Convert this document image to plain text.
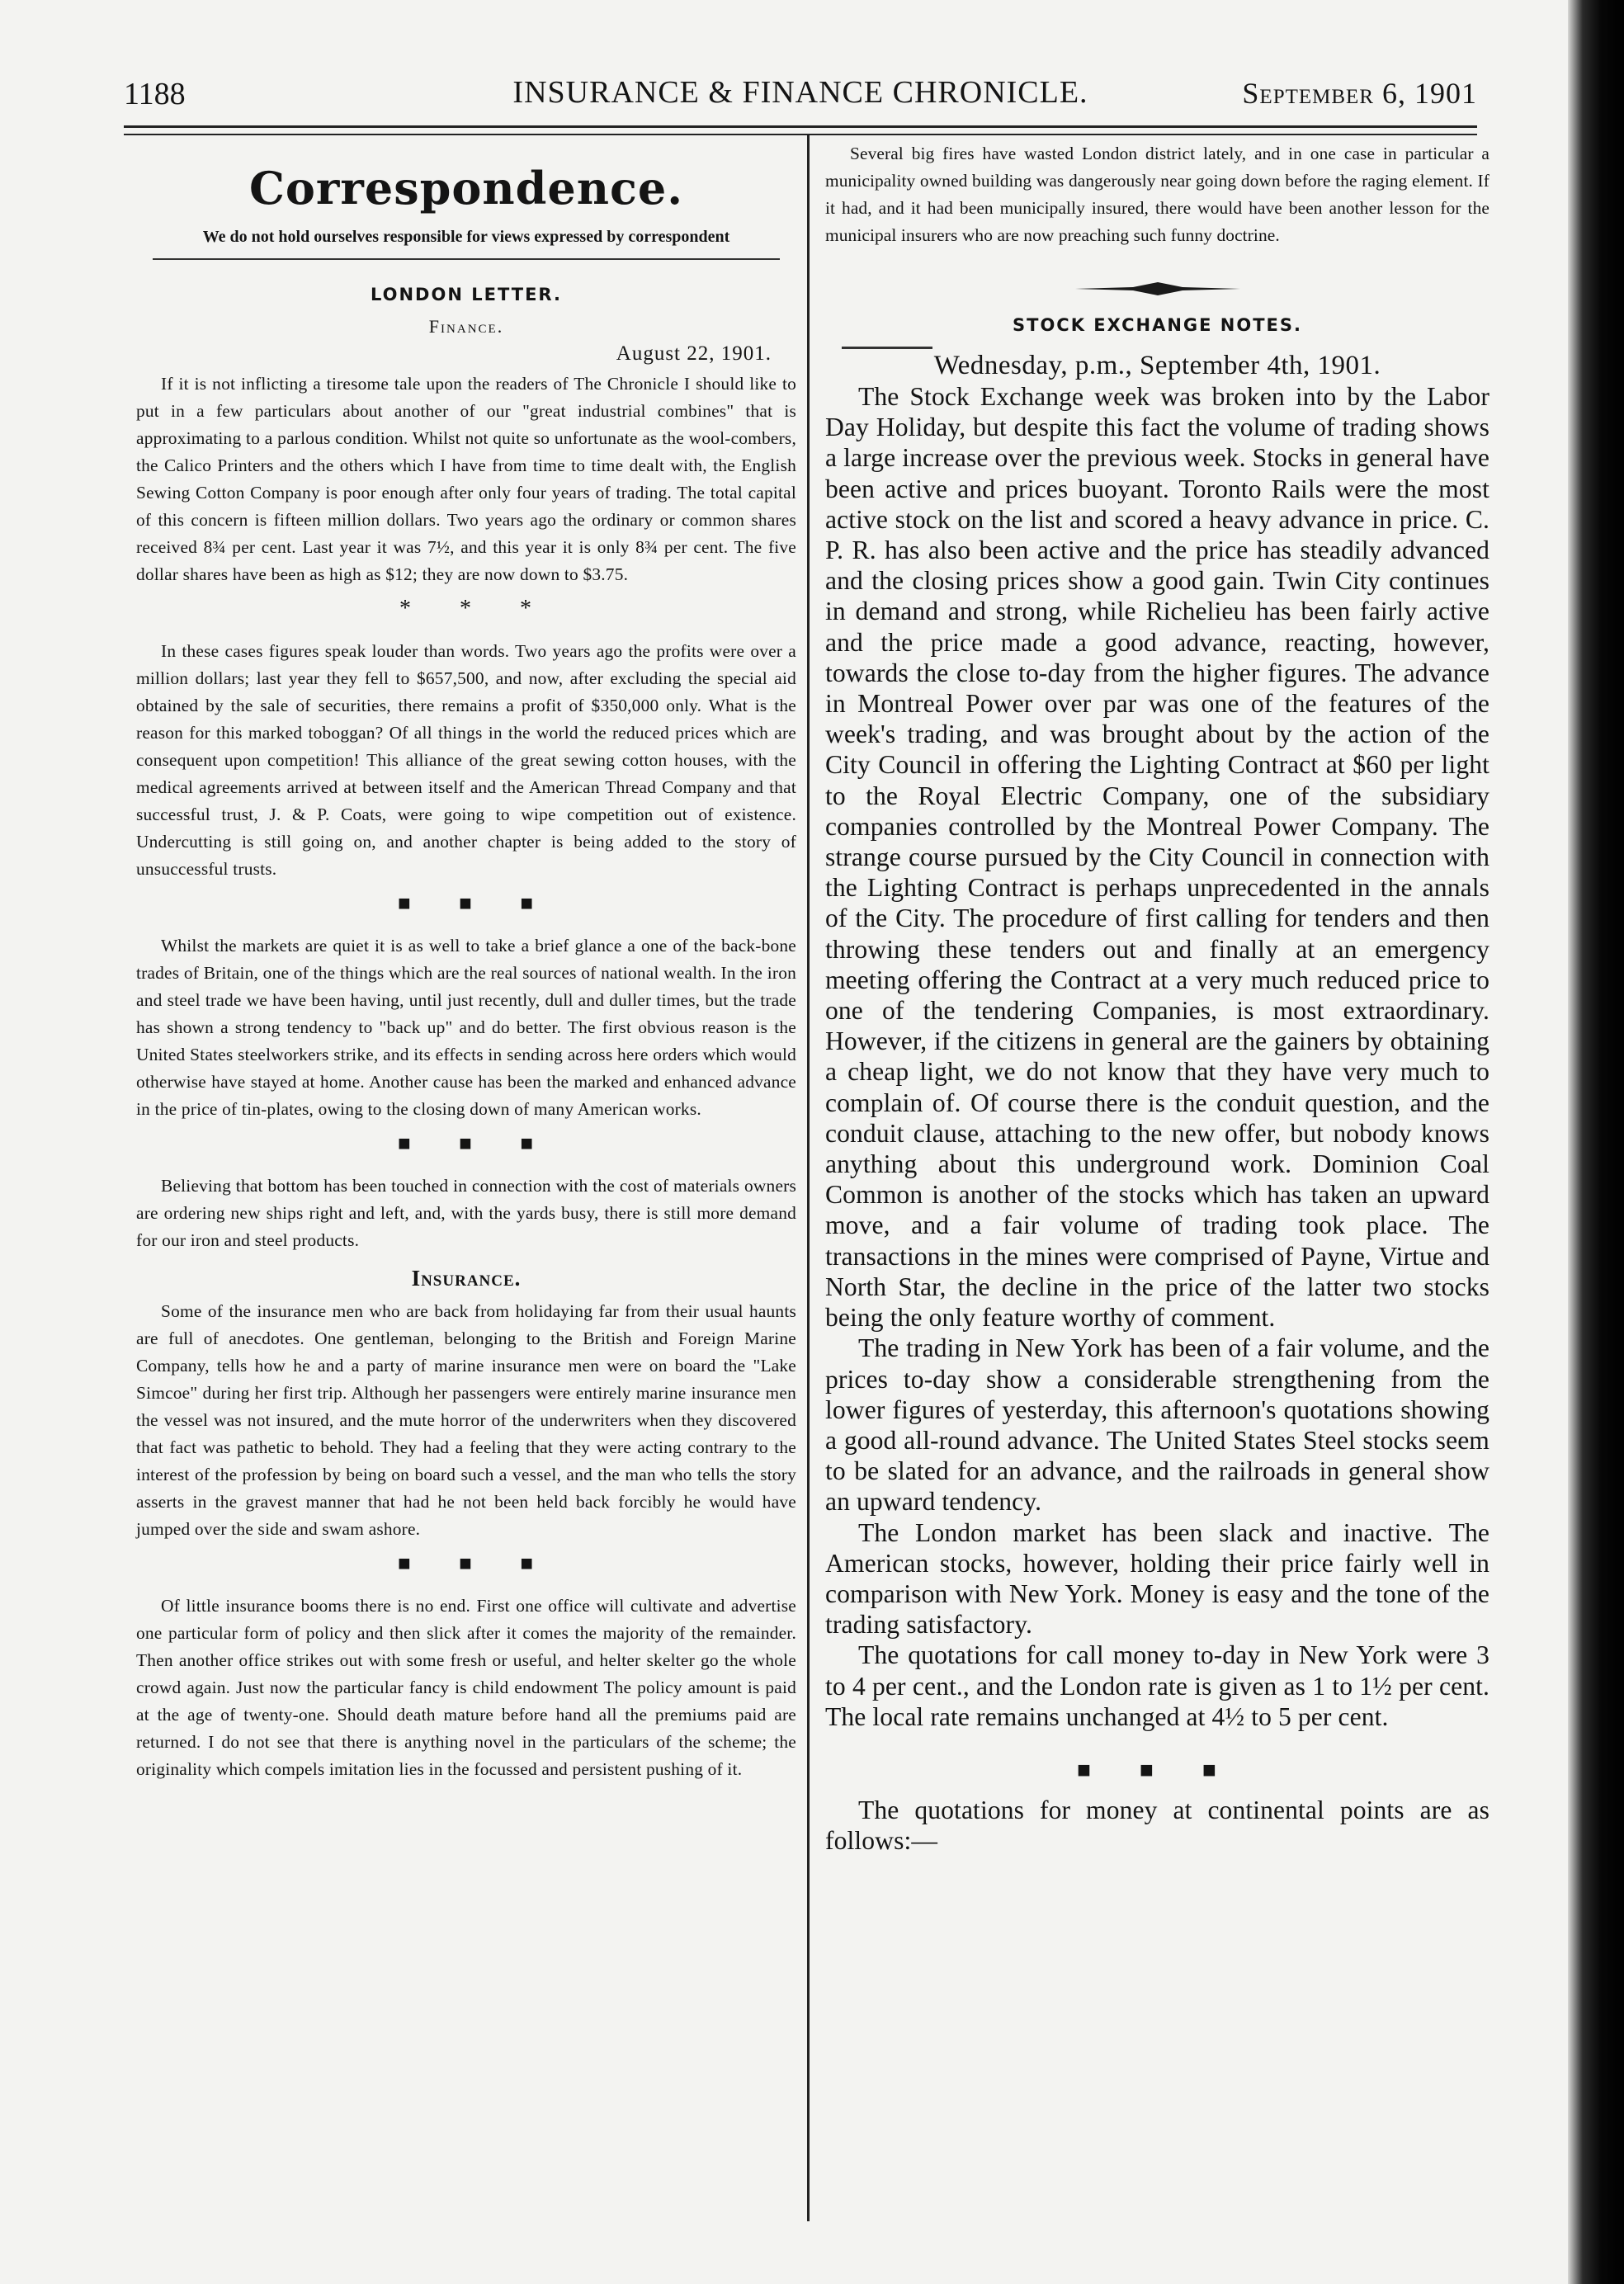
1188	INSURANCE & FINANCE CHRONICLE.	September 6, 1901
Correspondence.
We do not hold ourselves responsible for views expressed by correspondent
LONDON LETTER.
Finance.
August 22, 1901.

If it is not inflicting a tiresome tale upon the readers of The Chronicle I should like to put in a few particulars about another of our "great industrial combines" that is approximating to a parlous condition. Whilst not quite so unfortunate as the wool-combers, the Calico Printers and the others which I have from time to time dealt with, the English Sewing Cotton Company is poor enough after only four years of trading. The total capital of this concern is fifteen million dollars. Two years ago the ordinary or common shares received 8¾ per cent. Last year it was 7½, and this year it is only 8¾ per cent. The five dollar shares have been as high as $12; they are now down to $3.75.

* * *

In these cases figures speak louder than words. Two years ago the profits were over a million dollars; last year they fell to $657,500, and now, after excluding the special aid obtained by the sale of securities, there remains a profit of $350,000 only. What is the reason for this marked toboggan? Of all things in the world the reduced prices which are consequent upon competition! This alliance of the great sewing cotton houses, with the medical agreements arrived at between itself and the American Thread Company and that successful trust, J. & P. Coats, were going to wipe competition out of existence. Undercutting is still going on, and another chapter is being added to the story of unsuccessful trusts.

■ ■ ■

Whilst the markets are quiet it is as well to take a brief glance a one of the back-bone trades of Britain, one of the things which are the real sources of national wealth. In the iron and steel trade we have been having, until just recently, dull and duller times, but the trade has shown a strong tendency to "back up" and do better. The first obvious reason is the United States steelworkers strike, and its effects in sending across here orders which would otherwise have stayed at home. Another cause has been the marked and enhanced advance in the price of tin-plates, owing to the closing down of many American works.

■ ■ ■

Believing that bottom has been touched in connection with the cost of materials owners are ordering new ships right and left, and, with the yards busy, there is still more demand for our iron and steel products.

Insurance.

Some of the insurance men who are back from holidaying far from their usual haunts are full of anecdotes. One gentleman, belonging to the British and Foreign Marine Company, tells how he and a party of marine insurance men were on board the "Lake Simcoe" during her first trip. Although her passengers were entirely marine insurance men the vessel was not insured, and the mute horror of the underwriters when they discovered that fact was pathetic to behold. They had a feeling that they were acting contrary to the interest of the profession by being on board such a vessel, and the man who tells the story asserts in the gravest manner that had he not been held back forcibly he would have jumped over the side and swam ashore.

■ ■ ■

Of little insurance booms there is no end. First one office will cultivate and advertise one particular form of policy and then slick after it comes the majority of the remainder. Then another office strikes out with some fresh or useful, and helter skelter go the whole crowd again. Just now the particular fancy is child endowment The policy amount is paid at the age of twenty-one. Should death mature before hand all the premiums paid are returned. I do not see that there is anything novel in the particulars of the scheme; the originality which compels imitation lies in the focussed and persistent pushing of it.

Several big fires have wasted London district lately, and in one case in particular a municipality owned building was dangerously near going down before the raging element. If it had, and it had been municipally insured, there would have been another lesson for the municipal insurers who are now preaching such funny doctrine.

STOCK EXCHANGE NOTES.
Wednesday, p.m., September 4th, 1901.

The Stock Exchange week was broken into by the Labor Day Holiday, but despite this fact the volume of trading shows a large increase over the previous week. Stocks in general have been active and prices buoyant. Toronto Rails were the most active stock on the list and scored a heavy advance in price. C. P. R. has also been active and the price has steadily advanced and the closing prices show a good gain. Twin City continues in demand and strong, while Richelieu has been fairly active and the price made a good advance, reacting, however, towards the close to-day from the higher figures. The advance in Montreal Power over par was one of the features of the week's trading, and was brought about by the action of the City Council in offering the Lighting Contract at $60 per light to the Royal Electric Company, one of the subsidiary companies controlled by the Montreal Power Company. The strange course pursued by the City Council in connection with the Lighting Contract is perhaps unprecedented in the annals of the City. The procedure of first calling for tenders and then throwing these tenders out and finally at an emergency meeting offering the Contract at a very much reduced price to one of the tendering Companies, is most extraordinary. However, if the citizens in general are the gainers by obtaining a cheap light, we do not know that they have very much to complain of. Of course there is the conduit question, and the conduit clause, attaching to the new offer, but nobody knows anything about this underground work. Dominion Coal Common is another of the stocks which has taken an upward move, and a fair volume of trading took place. The transactions in the mines were comprised of Payne, Virtue and North Star, the decline in the price of the latter two stocks being the only feature worthy of comment.

The trading in New York has been of a fair volume, and the prices to-day show a considerable strengthening from the lower figures of yesterday, this afternoon's quotations showing a good all-round advance. The United States Steel stocks seem to be slated for an advance, and the railroads in general show an upward tendency.

The London market has been slack and inactive. The American stocks, however, holding their price fairly well in comparison with New York. Money is easy and the tone of the trading satisfactory.

The quotations for call money to-day in New York were 3 to 4 per cent., and the London rate is given as 1 to 1½ per cent. The local rate remains unchanged at 4½ to 5 per cent.

■ ■ ■

The quotations for money at continental points are as follows:—
